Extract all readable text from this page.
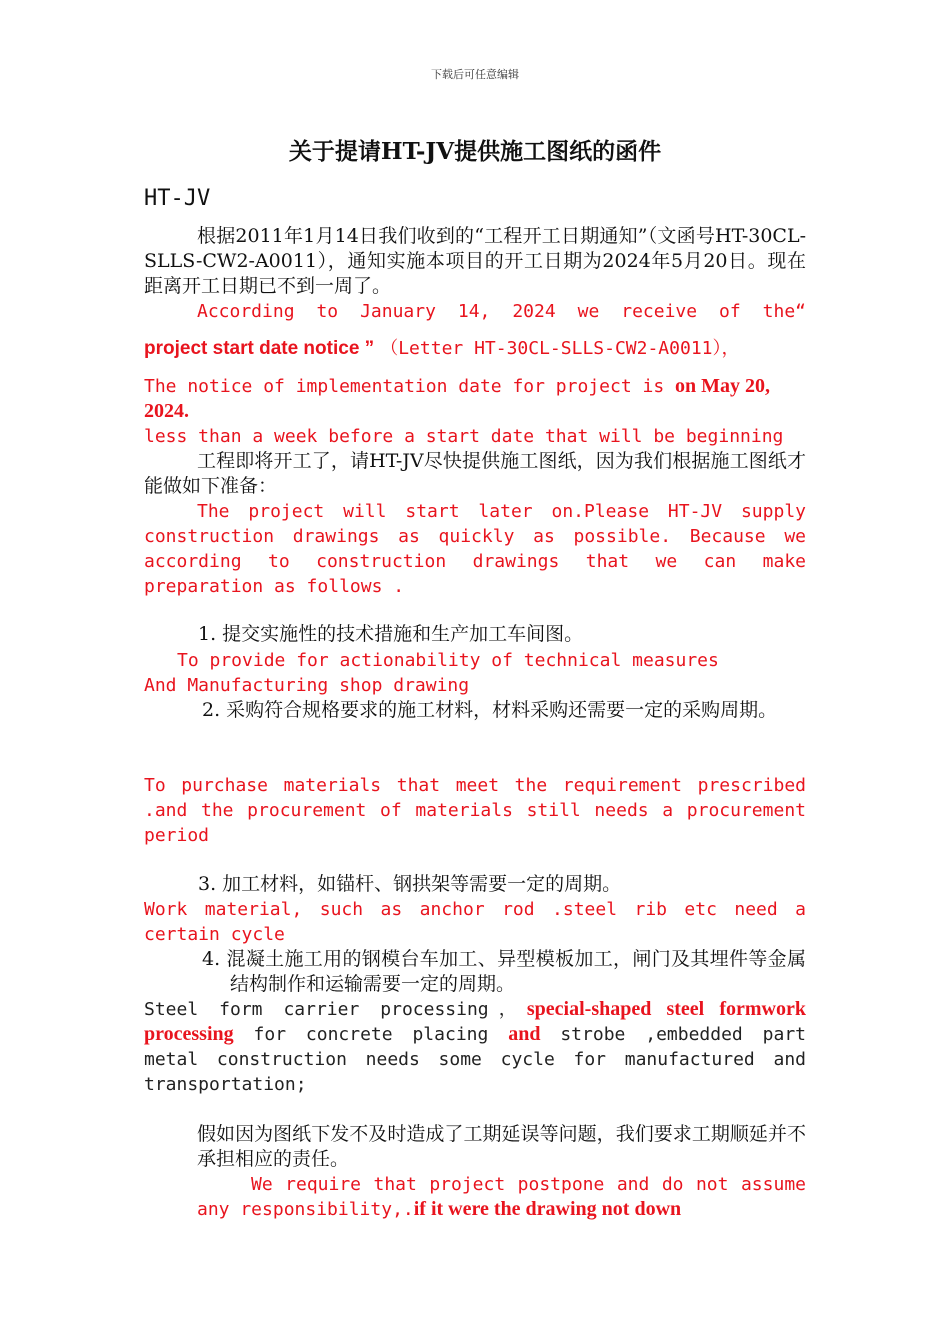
下载后可任意编辑
关于提请HT-JV提供施工图纸的函件
HT-JV
根据2011年1月14日我们收到的“工程开工日期通知”（文函号HT-30CL-SLLS-CW2-A0011），通知实施本项目的开工日期为2024年5月20日。现在距离开工日期已不到一周了。
According to January 14, 2024 we receive of the“
project start date notice ” （Letter HT-30CL-SLLS-CW2-A0011），
The notice of implementation date for project is on May 20, 2024.
less than a week before a start date that will be beginning
工程即将开工了，请HT-JV尽快提供施工图纸，因为我们根据施工图纸才能做如下准备：
The project will start later on.Please HT-JV supply construction drawings as quickly as possible. Because we according to construction drawings that we can make preparation as follows .
1. 提交实施性的技术措施和生产加工车间图。
To provide for actionability of technical measures
And Manufacturing shop drawing
2. 采购符合规格要求的施工材料，材料采购还需要一定的采购周期。
To purchase materials that meet the requirement prescribed .and the procurement of materials still needs a procurement period
3. 加工材料，如锚杆、钢拱架等需要一定的周期。
Work material, such as anchor rod .steel rib etc need a certain cycle
4. 混凝土施工用的钢模台车加工、异型模板加工，闸门及其埋件等金属结构制作和运输需要一定的周期。
Steel form carrier processing，special-shaped steel formwork processing for concrete placing and strobe ,embedded part metal construction needs some cycle for manufactured and transportation;
假如因为图纸下发不及时造成了工期延误等问题，我们要求工期顺延并不承担相应的责任。
We require that project postpone and do not assume any responsibility,.if it were the drawing not down
